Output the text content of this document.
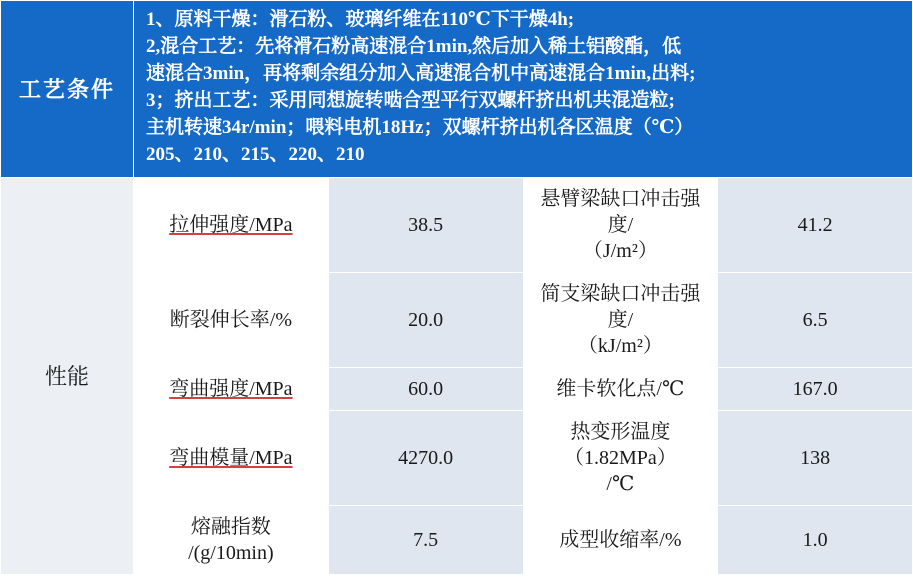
工艺条件	

1、原料干燥：滑石粉、玻璃纤维在110℃下干燥4h;

2,混合工艺：先将滑石粉高速混合1min,然后加入稀土铝酸酯，低

速混合3min，再将剩余组分加入高速混合机中高速混合1min,出料;

3；挤出工艺：采用同想旋转啮合型平行双螺杆挤出机共混造粒;

主机转速34r/min；喂料电机18Hz；双螺杆挤出机各区温度（℃）

205、210、215、220、210

性能	拉伸强度/MPa	38.5	悬臂梁缺口冲击强度/
（J/m²）	41.2
	断裂伸长率/%	20.0	简支梁缺口冲击强度/
（kJ/m²）	6.5
	弯曲强度/MPa	60.0	维卡软化点/℃	167.0
	弯曲模量/MPa	4270.0	热变形温度（1.82MPa）
/℃	138

	熔融指数
/(g/10min)	7.5	成型收缩率/%	1.0
